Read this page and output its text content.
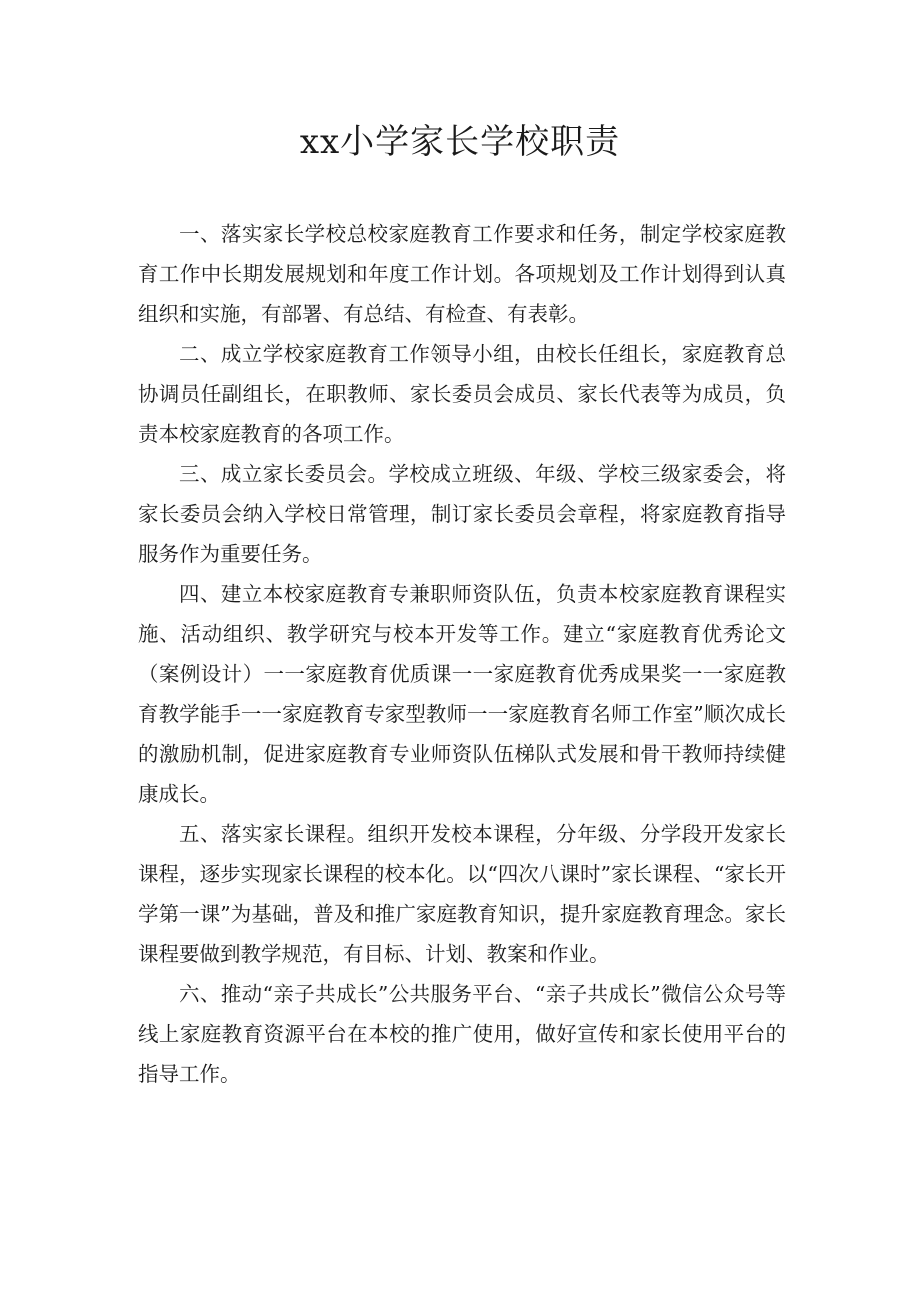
xx小学家长学校职责

一、落实家长学校总校家庭教育工作要求和任务，制定学校家庭教育工作中长期发展规划和年度工作计划。各项规划及工作计划得到认真组织和实施，有部署、有总结、有检查、有表彰。

二、成立学校家庭教育工作领导小组，由校长任组长，家庭教育总协调员任副组长，在职教师、家长委员会成员、家长代表等为成员，负责本校家庭教育的各项工作。

三、成立家长委员会。学校成立班级、年级、学校三级家委会，将家长委员会纳入学校日常管理，制订家长委员会章程，将家庭教育指导服务作为重要任务。

四、建立本校家庭教育专兼职师资队伍，负责本校家庭教育课程实施、活动组织、教学研究与校本开发等工作。建立“家庭教育优秀论文（案例设计）一一家庭教育优质课一一家庭教育优秀成果奖一一家庭教育教学能手一一家庭教育专家型教师一一家庭教育名师工作室”顺次成长的激励机制，促进家庭教育专业师资队伍梯队式发展和骨干教师持续健康成长。

五、落实家长课程。组织开发校本课程，分年级、分学段开发家长课程，逐步实现家长课程的校本化。以“四次八课时”家长课程、“家长开学第一课”为基础，普及和推广家庭教育知识，提升家庭教育理念。家长课程要做到教学规范，有目标、计划、教案和作业。

六、推动“亲子共成长”公共服务平台、“亲子共成长”微信公众号等线上家庭教育资源平台在本校的推广使用，做好宣传和家长使用平台的指导工作。
